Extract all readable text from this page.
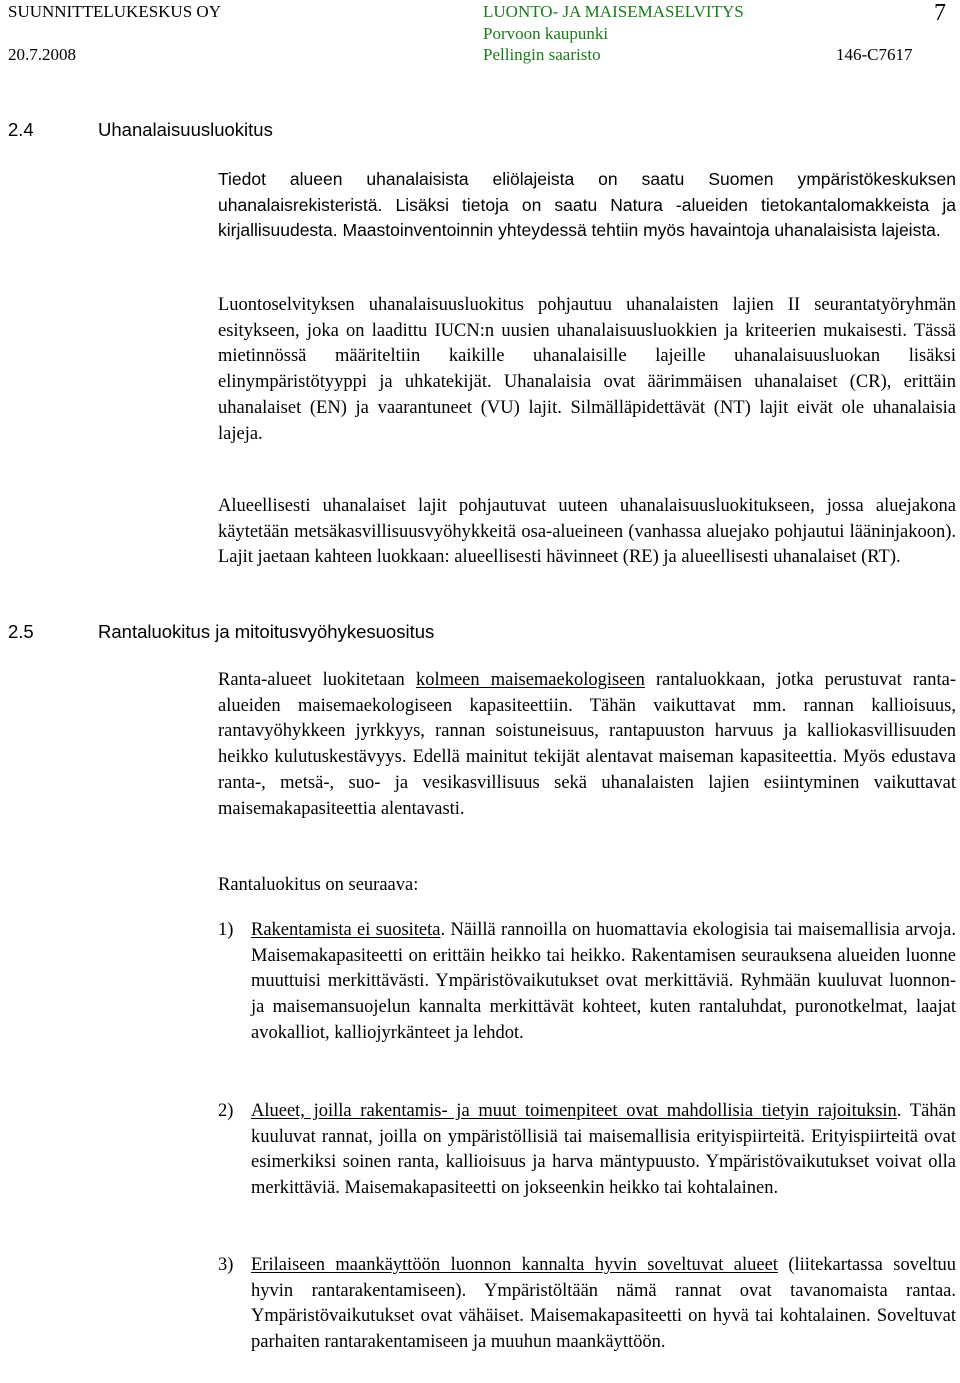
SUUNNITTELUKESKUS OY
20.7.2008
LUONTO- JA MAISEMASELVITYS
Porvoon kaupunki
Pellingin saaristo	146-C7617
7
2.4	Uhanalaisuusluokitus
Tiedot alueen uhanalaisista eliölajeista on saatu Suomen ympäristökeskuksen uhanalaisrekisteristä. Lisäksi tietoja on saatu Natura -alueiden tietokantalomakkeista ja kirjallisuudesta. Maastoinventoinnin yhteydessä tehtiin myös havaintoja uhanalaisista lajeista.
Luontoselvityksen uhanalaisuusluokitus pohjautuu uhanalaisten lajien II seurantatyöryhmän esitykseen, joka on laadittu IUCN:n uusien uhanalaisuusluokkien ja kriteerien mukaisesti. Tässä mietinnössä määriteltiin kaikille uhanalaisille lajeille uhanalaisuusluokan lisäksi elinympäristötyyppi ja uhkatekijät. Uhanalaisia ovat äärimmäisen uhanalaiset (CR), erittäin uhanalaiset (EN) ja vaarantuneet (VU) lajit. Silmälläpidettävät (NT) lajit eivät ole uhanalaisia lajeja.
Alueellisesti uhanalaiset lajit pohjautuvat uuteen uhanalaisuusluokitukseen, jossa aluejakona käytetään metsäkasvillisuusvyöhykkeitä osa-alueineen (vanhassa aluejako pohjautui lääninjakoon). Lajit jaetaan kahteen luokkaan: alueellisesti hävinneet (RE) ja alueellisesti uhanalaiset (RT).
2.5	Rantaluokitus ja mitoitusvyöhykesuositus
Ranta-alueet luokitetaan kolmeen maisemaekologiseen rantaluokkaan, jotka perustuvat ranta-alueiden maisemaekologiseen kapasiteettiin. Tähän vaikuttavat mm. rannan kallioisuus, rantavyöhykkeen jyrkkyys, rannan soistuneisuus, rantapuuston harvuus ja kalliokasvillisuuden heikko kulutuskestävyys. Edellä mainitut tekijät alentavat maiseman kapasiteettia. Myös edustava ranta-, metsä-, suo- ja vesikasvillisuus sekä uhanalaisten lajien esiintyminen vaikuttavat maisemakapasiteettia alentavasti.
Rantaluokitus on seuraava:
1) Rakentamista ei suositeta. Näillä rannoilla on huomattavia ekologisia tai maisemallisia arvoja. Maisemakapasiteetti on erittäin heikko tai heikko. Rakentamisen seurauksena alueiden luonne muuttuisi merkittävästi. Ympäristövaikutukset ovat merkittäviä. Ryhmään kuuluvat luonnon- ja maisemansuojelun kannalta merkittävät kohteet, kuten rantaluhdat, puronotkelmat, laajat avokalliot, kalliojyrkänteet ja lehdot.
2) Alueet, joilla rakentamis- ja muut toimenpiteet ovat mahdollisia tietyin rajoituksin. Tähän kuuluvat rannat, joilla on ympäristöllisiä tai maisemallisia erityispiirteitä. Erityispiirteitä ovat esimerkiksi soinen ranta, kallioisuus ja harva mäntypuusto. Ympäristövaikutukset voivat olla merkittäviä. Maisemakapasiteetti on jokseenkin heikko tai kohtalainen.
3) Erilaiseen maankäyttöön luonnon kannalta hyvin soveltuvat alueet (liitekartassa soveltuu hyvin rantarakentamiseen). Ympäristöltään nämä rannat ovat tavanomaista rantaa. Ympäristövaikutukset ovat vähäiset. Maisemakapasiteetti on hyvä tai kohtalainen. Soveltuvat parhaiten rantarakentamiseen ja muuhun maankäyttöön.
